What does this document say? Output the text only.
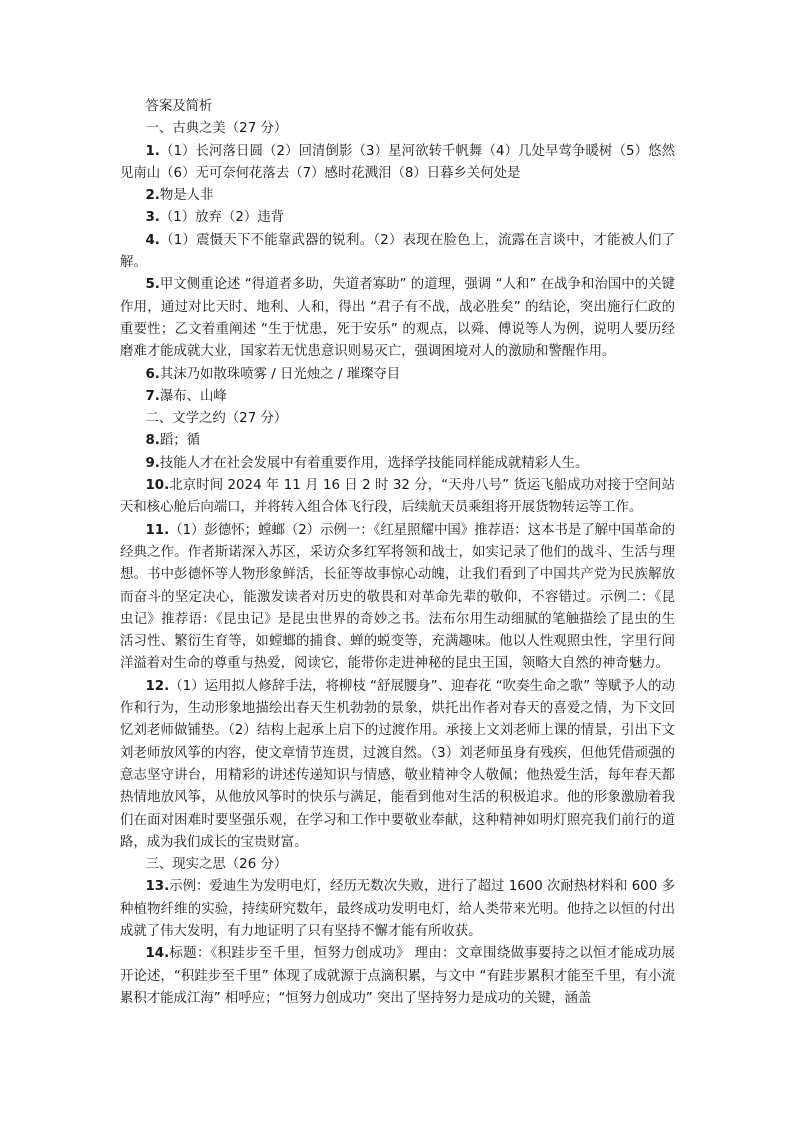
答案及简析

一、古典之美（27 分）

1.（1）长河落日圆（2）回清倒影（3）星河欲转千帆舞（4）几处早莺争暖树（5）悠然见南山（6）无可奈何花落去（7）感时花溅泪（8）日暮乡关何处是

2.物是人非

3.（1）放弃（2）违背

4.（1）震慑天下不能靠武器的锐利。（2）表现在脸色上，流露在言谈中，才能被人们了解。

5.甲文侧重论述 “得道者多助，失道者寡助” 的道理，强调 “人和” 在战争和治国中的关键作用，通过对比天时、地利、人和，得出 “君子有不战，战必胜矣” 的结论，突出施行仁政的重要性；乙文着重阐述 “生于忧患，死于安乐” 的观点，以舜、傅说等人为例，说明人要历经磨难才能成就大业，国家若无忧患意识则易灭亡，强调困境对人的激励和警醒作用。

6.其沫乃如散珠喷雾 / 日光烛之 / 璀璨夺目

7.瀑布、山峰

二、文学之约（27 分）

8.蹈；循

9.技能人才在社会发展中有着重要作用，选择学技能同样能成就精彩人生。

10.北京时间 2024 年 11 月 16 日 2 时 32 分，“天舟八号” 货运飞船成功对接于空间站天和核心舱后向端口，并将转入组合体飞行段，后续航天员乘组将开展货物转运等工作。

11.（1）彭德怀；螳螂（2）示例一：《红星照耀中国》推荐语：这本书是了解中国革命的经典之作。作者斯诺深入苏区，采访众多红军将领和战士，如实记录了他们的战斗、生活与理想。书中彭德怀等人物形象鲜活，长征等故事惊心动魄，让我们看到了中国共产党为民族解放而奋斗的坚定决心，能激发读者对历史的敬畏和对革命先辈的敬仰，不容错过。示例二：《昆虫记》推荐语：《昆虫记》是昆虫世界的奇妙之书。法布尔用生动细腻的笔触描绘了昆虫的生活习性、繁衍生育等，如螳螂的捕食、蝉的蜕变等，充满趣味。他以人性观照虫性，字里行间洋溢着对生命的尊重与热爱，阅读它，能带你走进神秘的昆虫王国，领略大自然的神奇魅力。

12.（1）运用拟人修辞手法，将柳枝 “舒展腰身”、迎春花 “吹奏生命之歌” 等赋予人的动作和行为，生动形象地描绘出春天生机勃勃的景象，烘托出作者对春天的喜爱之情，为下文回忆刘老师做铺垫。（2）结构上起承上启下的过渡作用。承接上文刘老师上课的情景，引出下文刘老师放风筝的内容，使文章情节连贯，过渡自然。（3）刘老师虽身有残疾，但他凭借顽强的意志坚守讲台，用精彩的讲述传递知识与情感，敬业精神令人敬佩；他热爱生活，每年春天都热情地放风筝，从他放风筝时的快乐与满足，能看到他对生活的积极追求。他的形象激励着我们在面对困难时要坚强乐观，在学习和工作中要敬业奉献，这种精神如明灯照亮我们前行的道路，成为我们成长的宝贵财富。

三、现实之思（26 分）

13.示例：爱迪生为发明电灯，经历无数次失败，进行了超过 1600 次耐热材料和 600 多种植物纤维的实验，持续研究数年，最终成功发明电灯，给人类带来光明。他持之以恒的付出成就了伟大发明，有力地证明了只有坚持不懈才能有所收获。

14.标题：《积跬步至千里，恒努力创成功》 理由：文章围绕做事要持之以恒才能成功展开论述，“积跬步至千里” 体现了成就源于点滴积累，与文中 “有跬步累积才能至千里，有小流累积才能成江海” 相呼应；“恒努力创成功” 突出了坚持努力是成功的关键，涵盖
